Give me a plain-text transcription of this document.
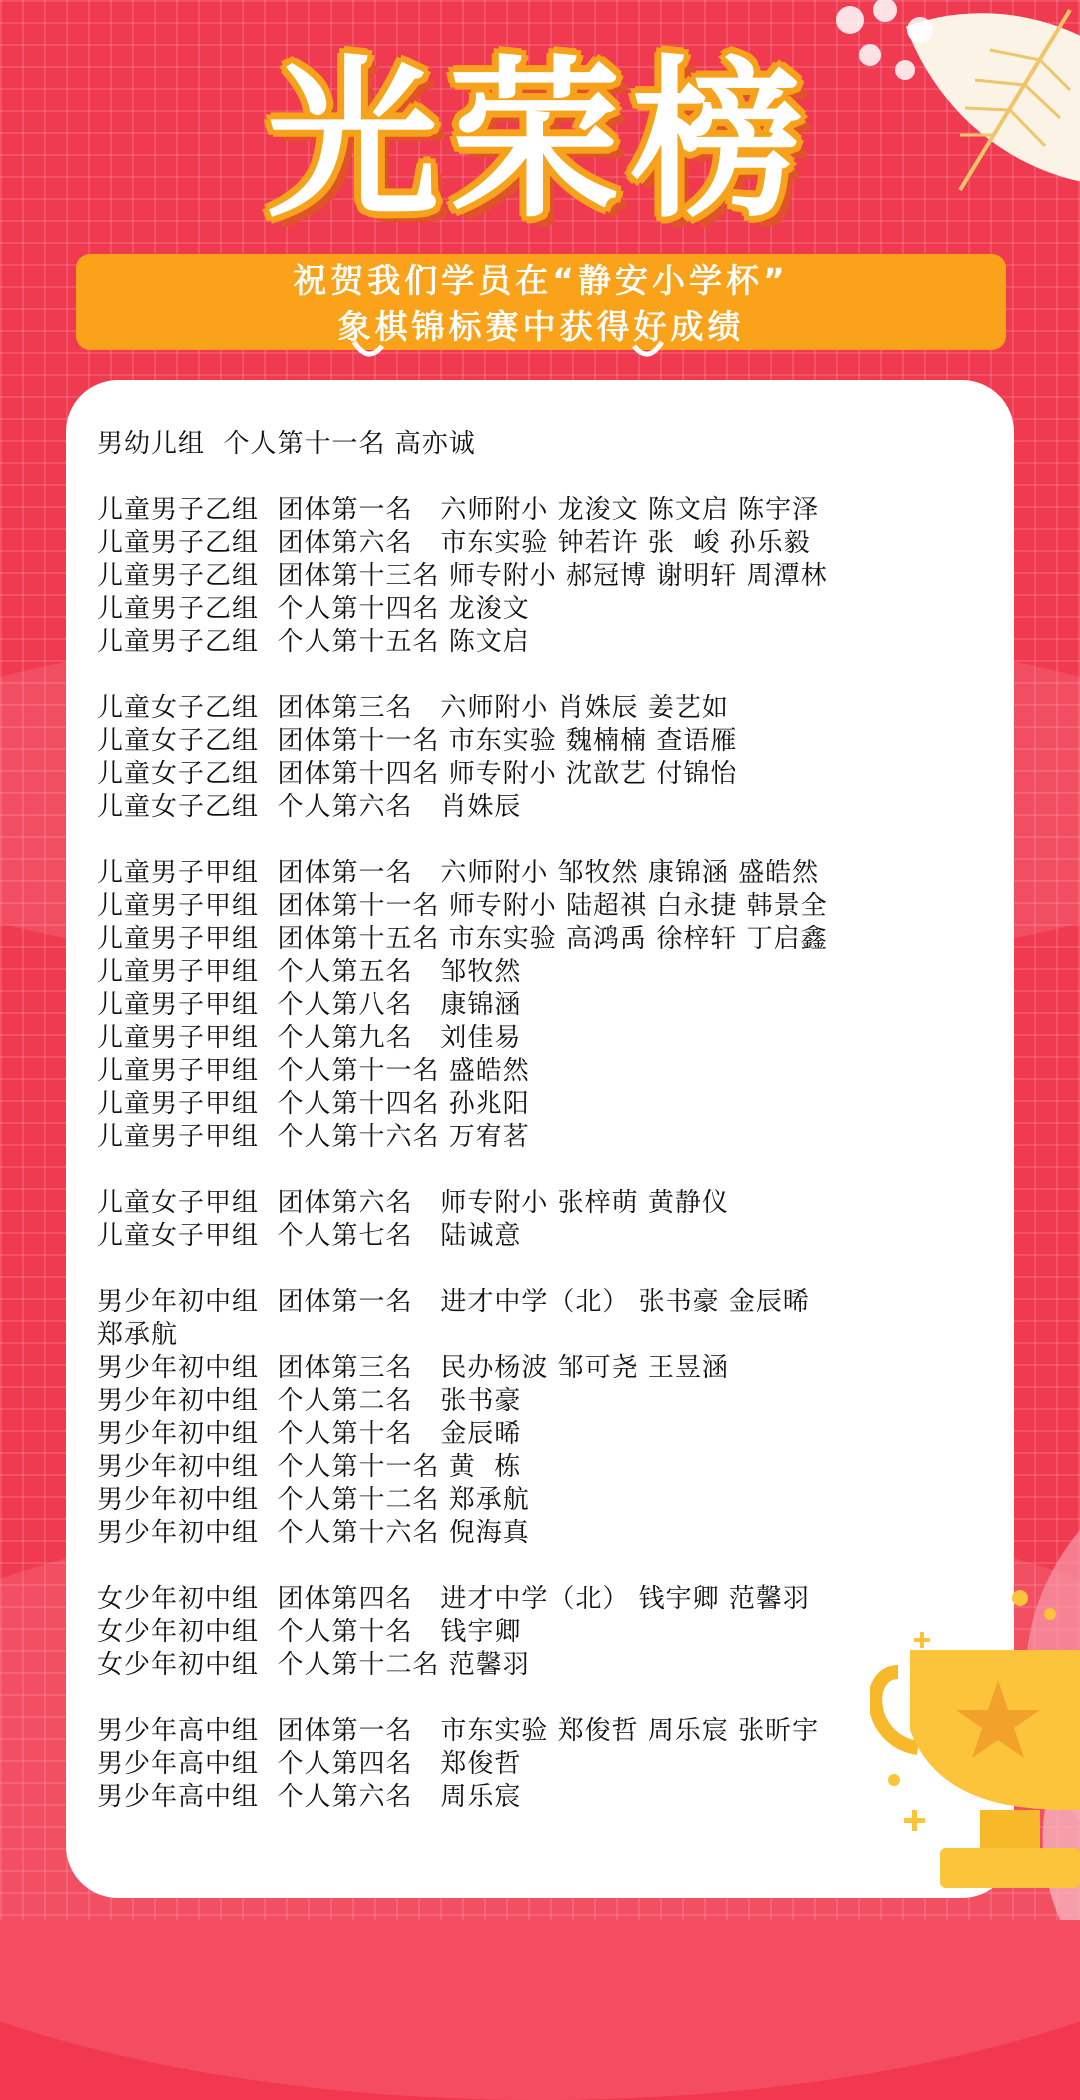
光荣榜
祝贺我们学员在“静安小学杯”
象棋锦标赛中获得好成绩
男幼儿组  个人第十一名 高亦诚
儿童男子乙组  团体第一名   六师附小 龙浚文 陈文启 陈宇泽
儿童男子乙组  团体第六名   市东实验 钟若许 张  峻 孙乐毅
儿童男子乙组  团体第十三名 师专附小 郝冠博 谢明轩 周潭林
儿童男子乙组  个人第十四名 龙浚文
儿童男子乙组  个人第十五名 陈文启
儿童女子乙组  团体第三名   六师附小 肖姝辰 姜艺如
儿童女子乙组  团体第十一名 市东实验 魏楠楠 查语雁
儿童女子乙组  团体第十四名 师专附小 沈歆艺 付锦怡
儿童女子乙组  个人第六名   肖姝辰
儿童男子甲组  团体第一名   六师附小 邹牧然 康锦涵 盛皓然
儿童男子甲组  团体第十一名 师专附小 陆超祺 白永捷 韩景全
儿童男子甲组  团体第十五名 市东实验 高鸿禹 徐梓轩 丁启鑫
儿童男子甲组  个人第五名   邹牧然
儿童男子甲组  个人第八名   康锦涵
儿童男子甲组  个人第九名   刘佳易
儿童男子甲组  个人第十一名 盛皓然
儿童男子甲组  个人第十四名 孙兆阳
儿童男子甲组  个人第十六名 万宥茗
儿童女子甲组  团体第六名   师专附小 张梓萌 黄静仪
儿童女子甲组  个人第七名   陆诚意
男少年初中组  团体第一名   进才中学（北） 张书豪 金辰晞
郑承航
男少年初中组  团体第三名   民办杨波 邹可尧 王昱涵
男少年初中组  个人第二名   张书豪
男少年初中组  个人第十名   金辰晞
男少年初中组  个人第十一名 黄  栋
男少年初中组  个人第十二名 郑承航
男少年初中组  个人第十六名 倪海真
女少年初中组  团体第四名   进才中学（北） 钱宇卿 范馨羽
女少年初中组  个人第十名   钱宇卿
女少年初中组  个人第十二名 范馨羽
男少年高中组  团体第一名   市东实验 郑俊哲 周乐宸 张昕宇
男少年高中组  个人第四名   郑俊哲
男少年高中组  个人第六名   周乐宸
